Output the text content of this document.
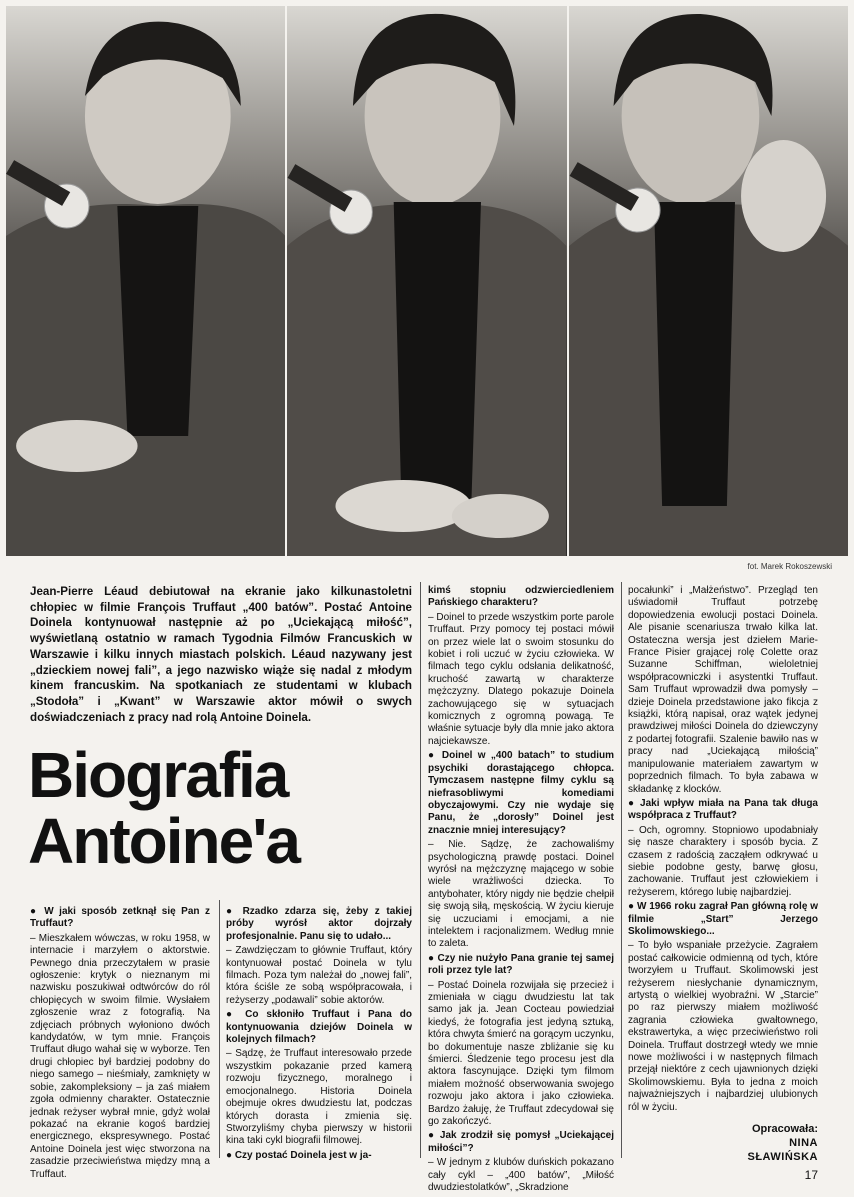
fot. Marek Rokoszewski

Jean-Pierre Léaud debiutował na ekranie jako kilkunastoletni chłopiec w filmie François Truffaut „400 batów”. Postać Antoine Doinela kontynuował następnie aż po „Uciekającą miłość”, wyświetlaną ostatnio w ramach Tygodnia Filmów Francuskich w Warszawie i kilku innych miastach polskich. Léaud nazywany jest „dzieckiem nowej fali”, a jego nazwisko wiąże się nadal z młodym kinem francuskim. Na spotkaniach ze studentami w klubach „Stodoła” i „Kwant” w Warszawie aktor mówił o swych doświadczeniach z pracy nad rolą Antoine Doinela.

Biografia
Antoine'a

● W jaki sposób zetknął się Pan z Truffaut?

– Mieszkałem wówczas, w roku 1958, w internacie i marzyłem o aktorstwie. Pewnego dnia przeczytałem w prasie ogłoszenie: krytyk o nieznanym mi nazwisku poszukiwał odtwórców do ról chłopięcych w swoim filmie. Wysłałem zgłoszenie wraz z fotografią. Na zdjęciach próbnych wyłoniono dwóch kandydatów, w tym mnie. François Truffaut długo wahał się w wyborze. Ten drugi chłopiec był bardziej podobny do niego samego – nieśmiały, zamknięty w sobie, zakompleksiony – ja zaś miałem zgoła odmienny charakter. Ostatecznie jednak reżyser wybrał mnie, gdyż wolał pokazać na ekranie kogoś bardziej energicznego, ekspresywnego. Postać Antoine Doinela jest więc stworzona na zasadzie przeciwieństwa między mną a Truffaut.

● Rzadko zdarza się, żeby z takiej próby wyrósł aktor dojrzały profesjonalnie. Panu się to udało...

– Zawdzięczam to głównie Truffaut, który kontynuował postać Doinela w tylu filmach. Poza tym należał do „nowej fali”, która ściśle ze sobą współpracowała, i reżyserzy „podawali” sobie aktorów.

● Co skłoniło Truffaut i Pana do kontynuowania dziejów Doinela w kolejnych filmach?

– Sądzę, że Truffaut interesowało przede wszystkim pokazanie przed kamerą rozwoju fizycznego, moralnego i emocjonalnego. Historia Doinela obejmuje okres dwudziestu lat, podczas których dorasta i zmienia się. Stworzyliśmy chyba pierwszy w historii kina taki cykl biografii filmowej.

● Czy postać Doinela jest w ja-

kimś stopniu odzwierciedleniem Pańskiego charakteru?

– Doinel to przede wszystkim porte parole Truffaut. Przy pomocy tej postaci mówił on przez wiele lat o swoim stosunku do kobiet i roli uczuć w życiu człowieka. W filmach tego cyklu odsłania delikatność, kruchość zawartą w charakterze mężczyzny. Dlatego pokazuje Doinela zachowującego się w sytuacjach komicznych z ogromną powagą. Te właśnie sytuacje były dla mnie jako aktora najciekawsze.

● Doinel w „400 batach” to studium psychiki dorastającego chłopca. Tymczasem następne filmy cyklu są niefrasobliwymi komediami obyczajowymi. Czy nie wydaje się Panu, że „dorosły” Doinel jest znacznie mniej interesujący?

– Nie. Sądzę, że zachowaliśmy psychologiczną prawdę postaci. Doinel wyrósł na mężczyznę mającego w sobie wiele wrażliwości dziecka. To antybohater, który nigdy nie będzie chełpił się swoją siłą, męskością. W życiu kieruje się uczuciami i emocjami, a nie intelektem i racjonalizmem. Według mnie to zaleta.

● Czy nie nużyło Pana granie tej samej roli przez tyle lat?

– Postać Doinela rozwijała się przecież i zmieniała w ciągu dwudziestu lat tak samo jak ja. Jean Cocteau powiedział kiedyś, że fotografia jest jedyną sztuką, która chwyta śmierć na gorącym uczynku, bo dokumentuje nasze zbliżanie się ku śmierci. Śledzenie tego procesu jest dla aktora fascynujące. Dzięki tym filmom miałem możność obserwowania swojego rozwoju jako aktora i jako człowieka. Bardzo żałuję, że Truffaut zdecydował się go zakończyć.

● Jak zrodził się pomysł „Uciekającej miłości”?

– W jednym z klubów duńskich pokazano cały cykl – „400 batów”, „Miłość dwudziestolatków”, „Skradzione

pocałunki” i „Małżeństwo”. Przegląd ten uświadomił Truffaut potrzebę dopowiedzenia ewolucji postaci Doinela. Ale pisanie scenariusza trwało kilka lat. Ostateczna wersja jest dziełem Marie-France Pisier grającej rolę Colette oraz Suzanne Schiffman, wieloletniej współpracowniczki i asystentki Truffaut. Sam Truffaut wprowadził dwa pomysły – dzieje Doinela przedstawione jako fikcja z książki, którą napisał, oraz wątek jedynej prawdziwej miłości Doinela do dziewczyny z podartej fotografii. Szalenie bawiło nas w pracy nad „Uciekającą miłością” manipulowanie materiałem zawartym w poprzednich filmach. To była zabawa w składankę z klocków.

● Jaki wpływ miała na Pana tak długa współpraca z Truffaut?

– Och, ogromny. Stopniowo upodabniały się nasze charaktery i sposób bycia. Z czasem z radością zacząłem odkrywać u siebie podobne gesty, barwę głosu, zachowanie. Truffaut jest człowiekiem i reżyserem, którego lubię najbardziej.

● W 1966 roku zagrał Pan główną rolę w filmie „Start” Jerzego Skolimowskiego...

– To było wspaniałe przeżycie. Zagrałem postać całkowicie odmienną od tych, które tworzyłem u Truffaut. Skolimowski jest reżyserem niesłychanie dynamicznym, artystą o wielkiej wyobraźni. W „Starcie” po raz pierwszy miałem możliwość zagrania człowieka gwałtownego, ekstrawertyka, a więc przeciwieństwo roli Doinela. Truffaut dostrzegł wtedy we mnie nowe możliwości i w następnych filmach przejął niektóre z cech ujawnionych dzięki Skolimowskiemu. Była to jedna z moich najważniejszych i najbardziej ulubionych ról w życiu.

Opracowała:
NINA
SŁAWIŃSKA
17
